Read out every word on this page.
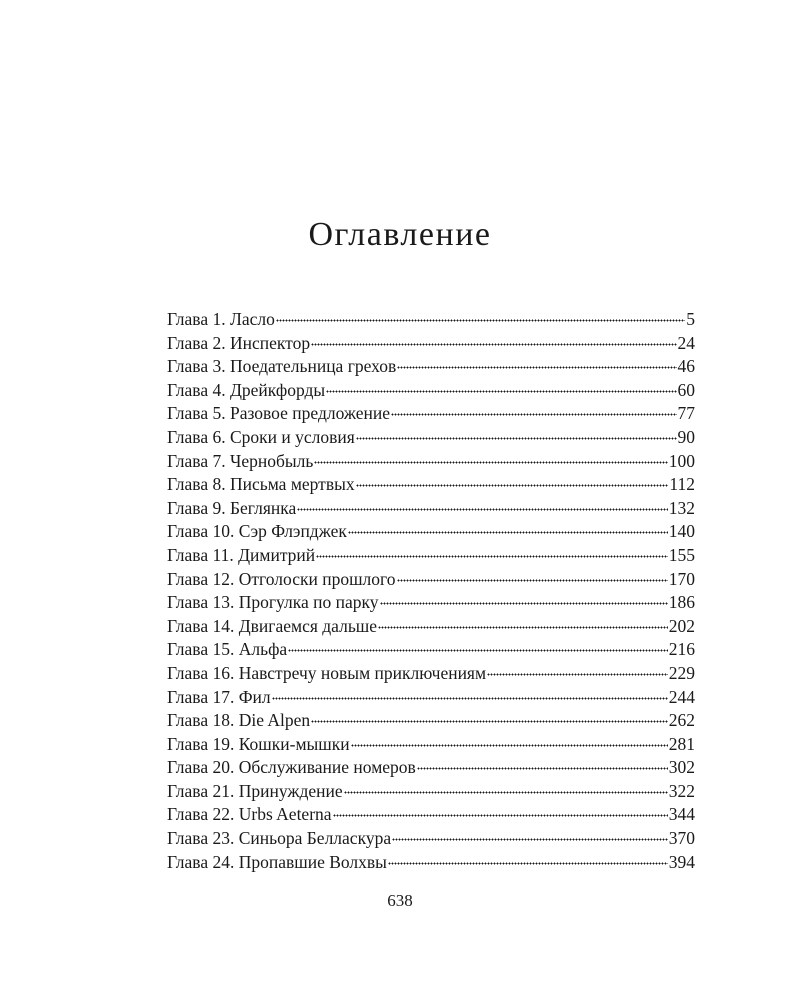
Оглавление
Глава 1. Ласло	5
Глава 2. Инспектор	24
Глава 3. Поедательница грехов	46
Глава 4. Дрейкфорды	60
Глава 5. Разовое предложение	77
Глава 6. Сроки и условия	90
Глава 7. Чернобыль	100
Глава 8. Письма мертвых	112
Глава 9. Беглянка	132
Глава 10. Сэр Флэпджек	140
Глава 11. Димитрий	155
Глава 12. Отголоски прошлого	170
Глава 13. Прогулка по парку	186
Глава 14. Двигаемся дальше	202
Глава 15. Альфа	216
Глава 16. Навстречу новым приключениям	229
Глава 17. Фил	244
Глава 18. Die Alpen	262
Глава 19. Кошки-мышки	281
Глава 20. Обслуживание номеров	302
Глава 21. Принуждение	322
Глава 22. Urbs Aeterna	344
Глава 23. Синьора Белласкура	370
Глава 24. Пропавшие Волхвы	394
638
